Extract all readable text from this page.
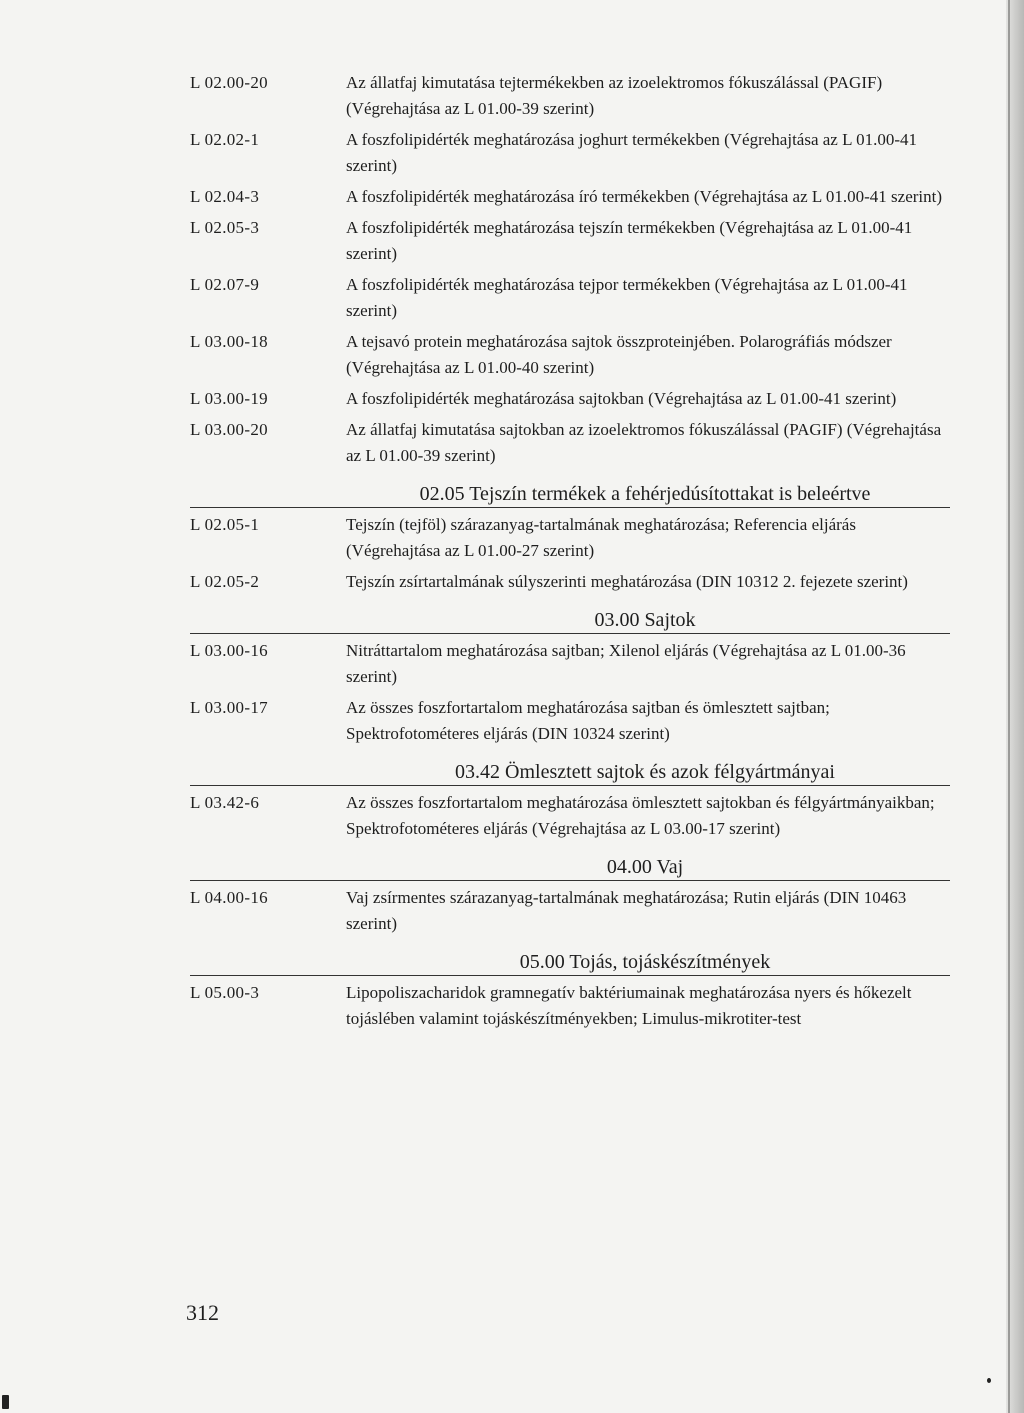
L 02.00-20	Az állatfaj kimutatása tejtermékekben az izoelektromos fókuszálással (PAGIF) (Végrehajtása az L 01.00-39 szerint)
L 02.02-1	A foszfolipidérték meghatározása joghurt termékekben (Végrehajtása az L 01.00-41 szerint)
L 02.04-3	A foszfolipidérték meghatározása író termékekben (Végrehajtása az L 01.00-41 szerint)
L 02.05-3	A foszfolipidérték meghatározása tejszín termékekben (Végrehajtása az L 01.00-41 szerint)
L 02.07-9	A foszfolipidérték meghatározása tejpor termékekben (Végrehajtása az L 01.00-41 szerint)
L 03.00-18	A tejsavó protein meghatározása sajtok összproteinjében. Polarográfiás módszer (Végrehajtása az L 01.00-40 szerint)
L 03.00-19	A foszfolipidérték meghatározása sajtokban (Végrehajtása az L 01.00-41 szerint)
L 03.00-20	Az állatfaj kimutatása sajtokban az izoelektromos fókuszálással (PAGIF) (Végrehajtása az L 01.00-39 szerint)
02.05 Tejszín termékek a fehérjedúsítottakat is beleértve
L 02.05-1	Tejszín (tejföl) szárazanyag-tartalmának meghatározása; Referencia eljárás (Végrehajtása az L 01.00-27 szerint)
L 02.05-2	Tejszín zsírtartalmának súlyszerinti meghatározása (DIN 10312 2. fejezete szerint)
03.00 Sajtok
L 03.00-16	Nitráttartalom meghatározása sajtban; Xilenol eljárás (Végrehajtása az L 01.00-36 szerint)
L 03.00-17	Az összes foszfortartalom meghatározása sajtban és ömlesztett sajtban; Spektrofotométeres eljárás (DIN 10324 szerint)
03.42 Ömlesztett sajtok és azok félgyártmányai
L 03.42-6	Az összes foszfortartalom meghatározása ömlesztett sajtokban és félgyártmányaikban; Spektrofotométeres eljárás (Végrehajtása az L 03.00-17 szerint)
04.00 Vaj
L 04.00-16	Vaj zsírmentes szárazanyag-tartalmának meghatározása; Rutin eljárás (DIN 10463 szerint)
05.00 Tojás, tojáskészítmények
L 05.00-3	Lipopoliszacharidok gramnegatív baktériumainak meghatározása nyers és hőkezelt tojáslében valamint tojáskészítményekben; Limulus-mikrotiter-test
312
